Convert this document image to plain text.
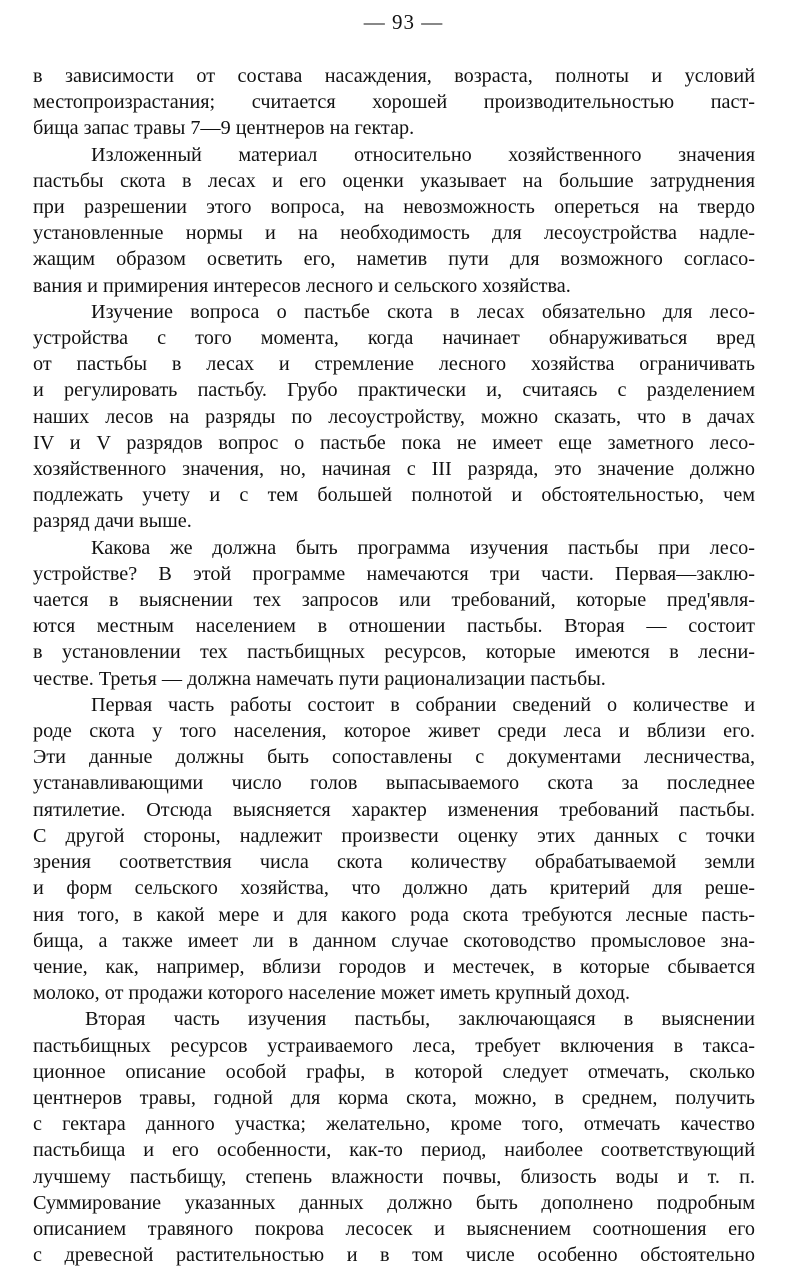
— 93 —
в зависимости от состава насаждения, возраста, полноты и условий
местопроизрастания; считается хорошей производительностью паст-
бища запас травы 7—9 центнеров на гектар.
Изложенный материал относительно хозяйственного значения
пастьбы скота в лесах и его оценки указывает на большие затруднения
при разрешении этого вопроса, на невозможность опереться на твердо
установленные нормы и на необходимость для лесоустройства надле-
жащим образом осветить его, наметив пути для возможного согласо-
вания и примирения интересов лесного и сельского хозяйства.
Изучение вопроса о пастьбе скота в лесах обязательно для лесо-
устройства с того момента, когда начинает обнаруживаться вред
от пастьбы в лесах и стремление лесного хозяйства ограничивать
и регулировать пастьбу. Грубо практически и, считаясь с разделением
наших лесов на разряды по лесоустройству, можно сказать, что в дачах
IV и V разрядов вопрос о пастьбе пока не имеет еще заметного лесо-
хозяйственного значения, но, начиная с III разряда, это значение должно
подлежать учету и с тем большей полнотой и обстоятельностью, чем
разряд дачи выше.
Какова же должна быть программа изучения пастьбы при лесо-
устройстве? В этой программе намечаются три части. Первая—заклю-
чается в выяснении тех запросов или требований, которые пред'явля-
ются местным населением в отношении пастьбы. Вторая — состоит
в установлении тех пастьбищных ресурсов, которые имеются в лесни-
честве. Третья — должна намечать пути рационализации пастьбы.
Первая часть работы состоит в собрании сведений о количестве и
роде скота у того населения, которое живет среди леса и вблизи его.
Эти данные должны быть сопоставлены с документами лесничества,
устанавливающими число голов выпасываемого скота за последнее
пятилетие. Отсюда выясняется характер изменения требований пастьбы.
С другой стороны, надлежит произвести оценку этих данных с точки
зрения соответствия числа скота количеству обрабатываемой земли
и форм сельского хозяйства, что должно дать критерий для реше-
ния того, в какой мере и для какого рода скота требуются лесные пасть-
бища, а также имеет ли в данном случае скотоводство промысловое зна-
чение, как, например, вблизи городов и местечек, в которые сбывается
молоко, от продажи которого население может иметь крупный доход.
Вторая часть изучения пастьбы, заключающаяся в выяснении
пастьбищных ресурсов устраиваемого леса, требует включения в такса-
ционное описание особой графы, в которой следует отмечать, сколько
центнеров травы, годной для корма скота, можно, в среднем, получить
с гектара данного участка; желательно, кроме того, отмечать качество
пастьбища и его особенности, как-то период, наиболее соответствующий
лучшему пастьбищу, степень влажности почвы, близость воды и т. п.
Суммирование указанных данных должно быть дополнено подробным
описанием травяного покрова лесосек и выяснением соотношения его
с древесной растительностью и в том числе особенно обстоятельно
